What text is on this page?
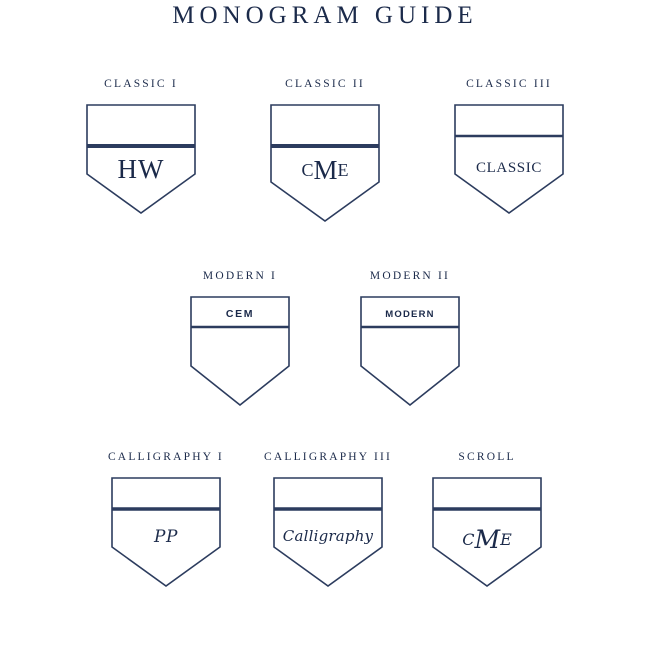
MONOGRAM GUIDE
CLASSIC I
HW
CLASSIC II
CME
CLASSIC III
CLASSIC
MODERN I
CEM
MODERN II
MODERN
CALLIGRAPHY I
PP
CALLIGRAPHY III
Calligraphy
SCROLL
CME
